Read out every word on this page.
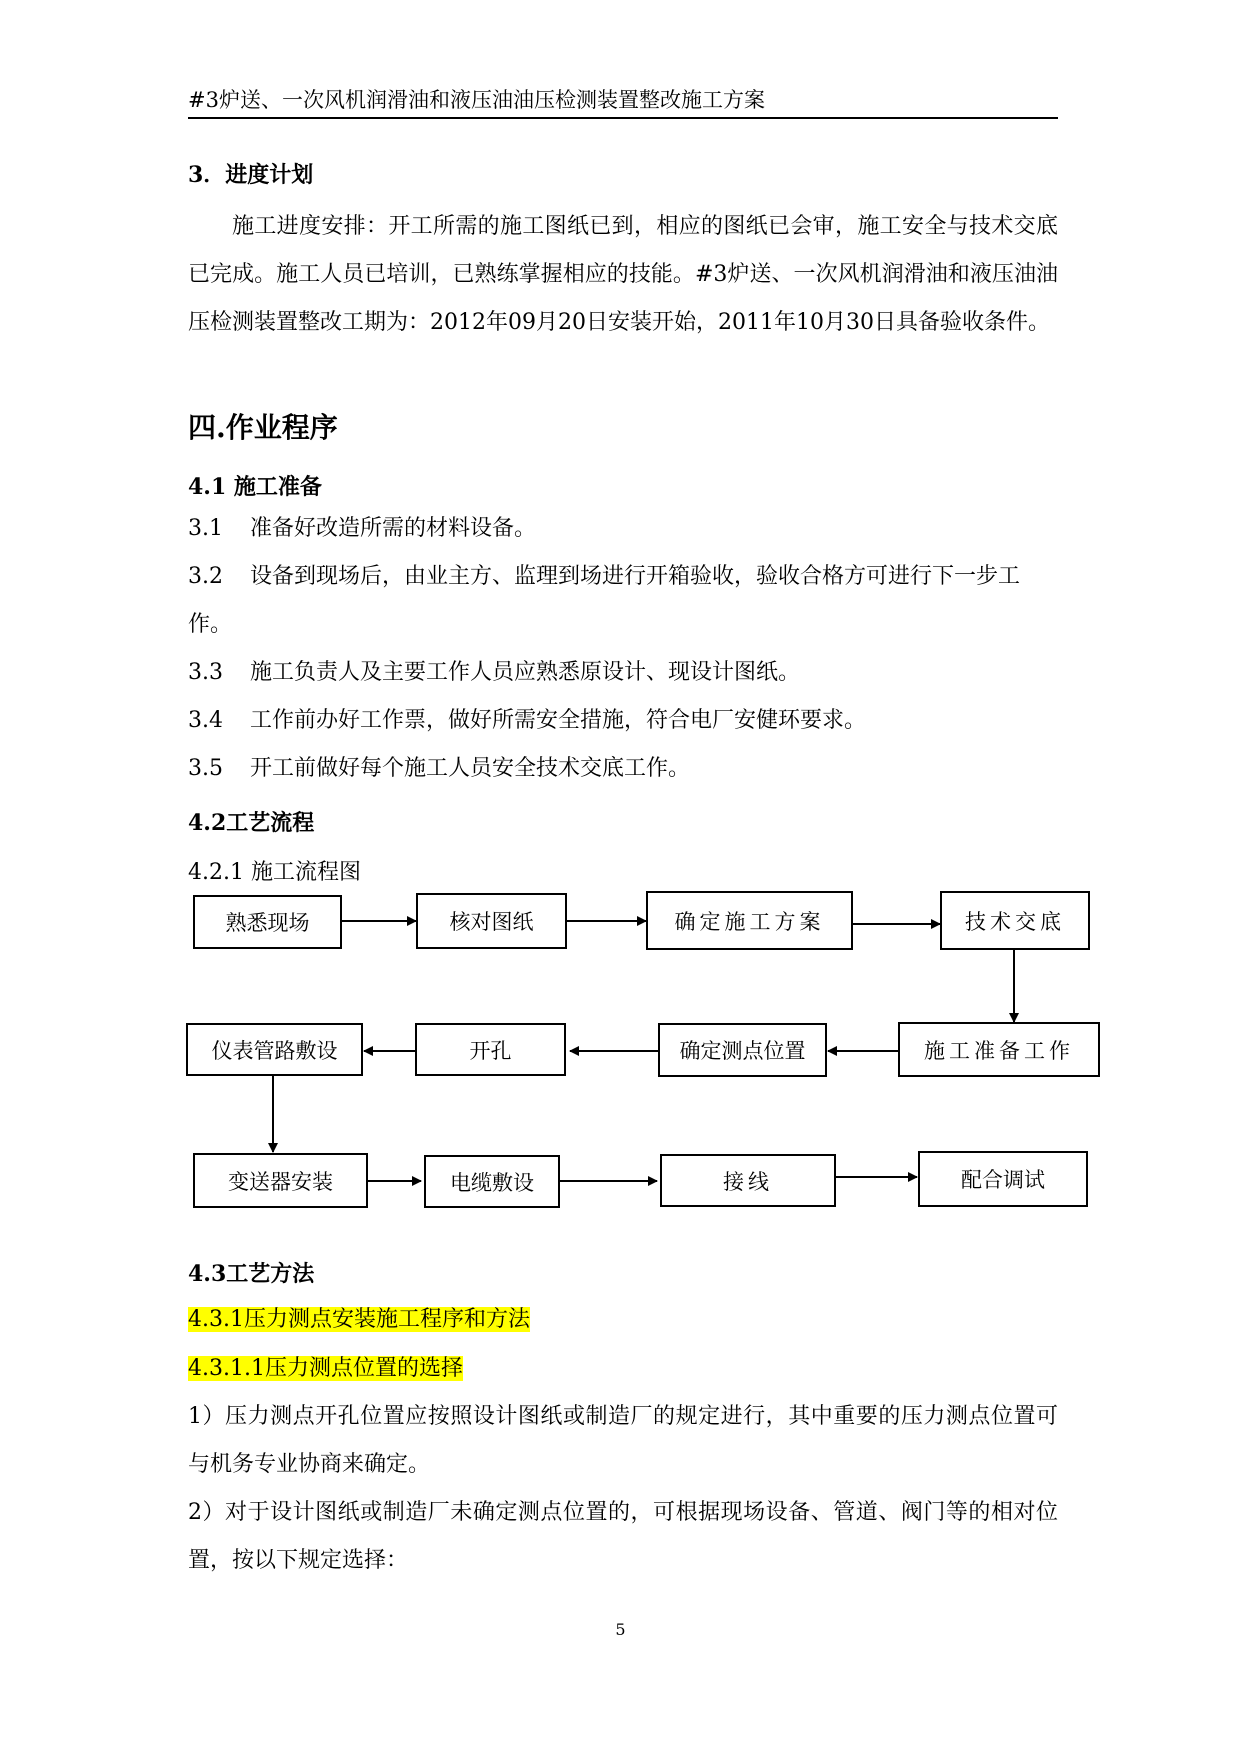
#3炉送、一次风机润滑油和液压油油压检测装置整改施工方案
3．进度计划

施工进度安排：开工所需的施工图纸已到，相应的图纸已会审，施工安全与技术交底已完成。施工人员已培训，已熟练掌握相应的技能。#3炉送、一次风机润滑油和液压油油压检测装置整改工期为：2012年09月20日安装开始，2011年10月30日具备验收条件。

四.作业程序
4.1 施工准备
3.1 准备好改造所需的材料设备。
3.2 设备到现场后，由业主方、监理到场进行开箱验收，验收合格方可进行下一步工作。
3.3 施工负责人及主要工作人员应熟悉原设计、现设计图纸。
3.4 工作前办好工作票，做好所需安全措施，符合电厂安健环要求。
3.5 开工前做好每个施工人员安全技术交底工作。
4.2工艺流程
4.2.1 施工流程图
熟悉现场	核对图纸	确定施工方案	技术交底
仪表管路敷设	开孔	确定测点位置	施工准备工作
变送器安装	电缆敷设	接线	配合调试
4.3工艺方法
4.3.1压力测点安装施工程序和方法
4.3.1.1压力测点位置的选择
1）压力测点开孔位置应按照设计图纸或制造厂的规定进行，其中重要的压力测点位置可与机务专业协商来确定。
2）对于设计图纸或制造厂未确定测点位置的，可根据现场设备、管道、阀门等的相对位置，按以下规定选择：
5
